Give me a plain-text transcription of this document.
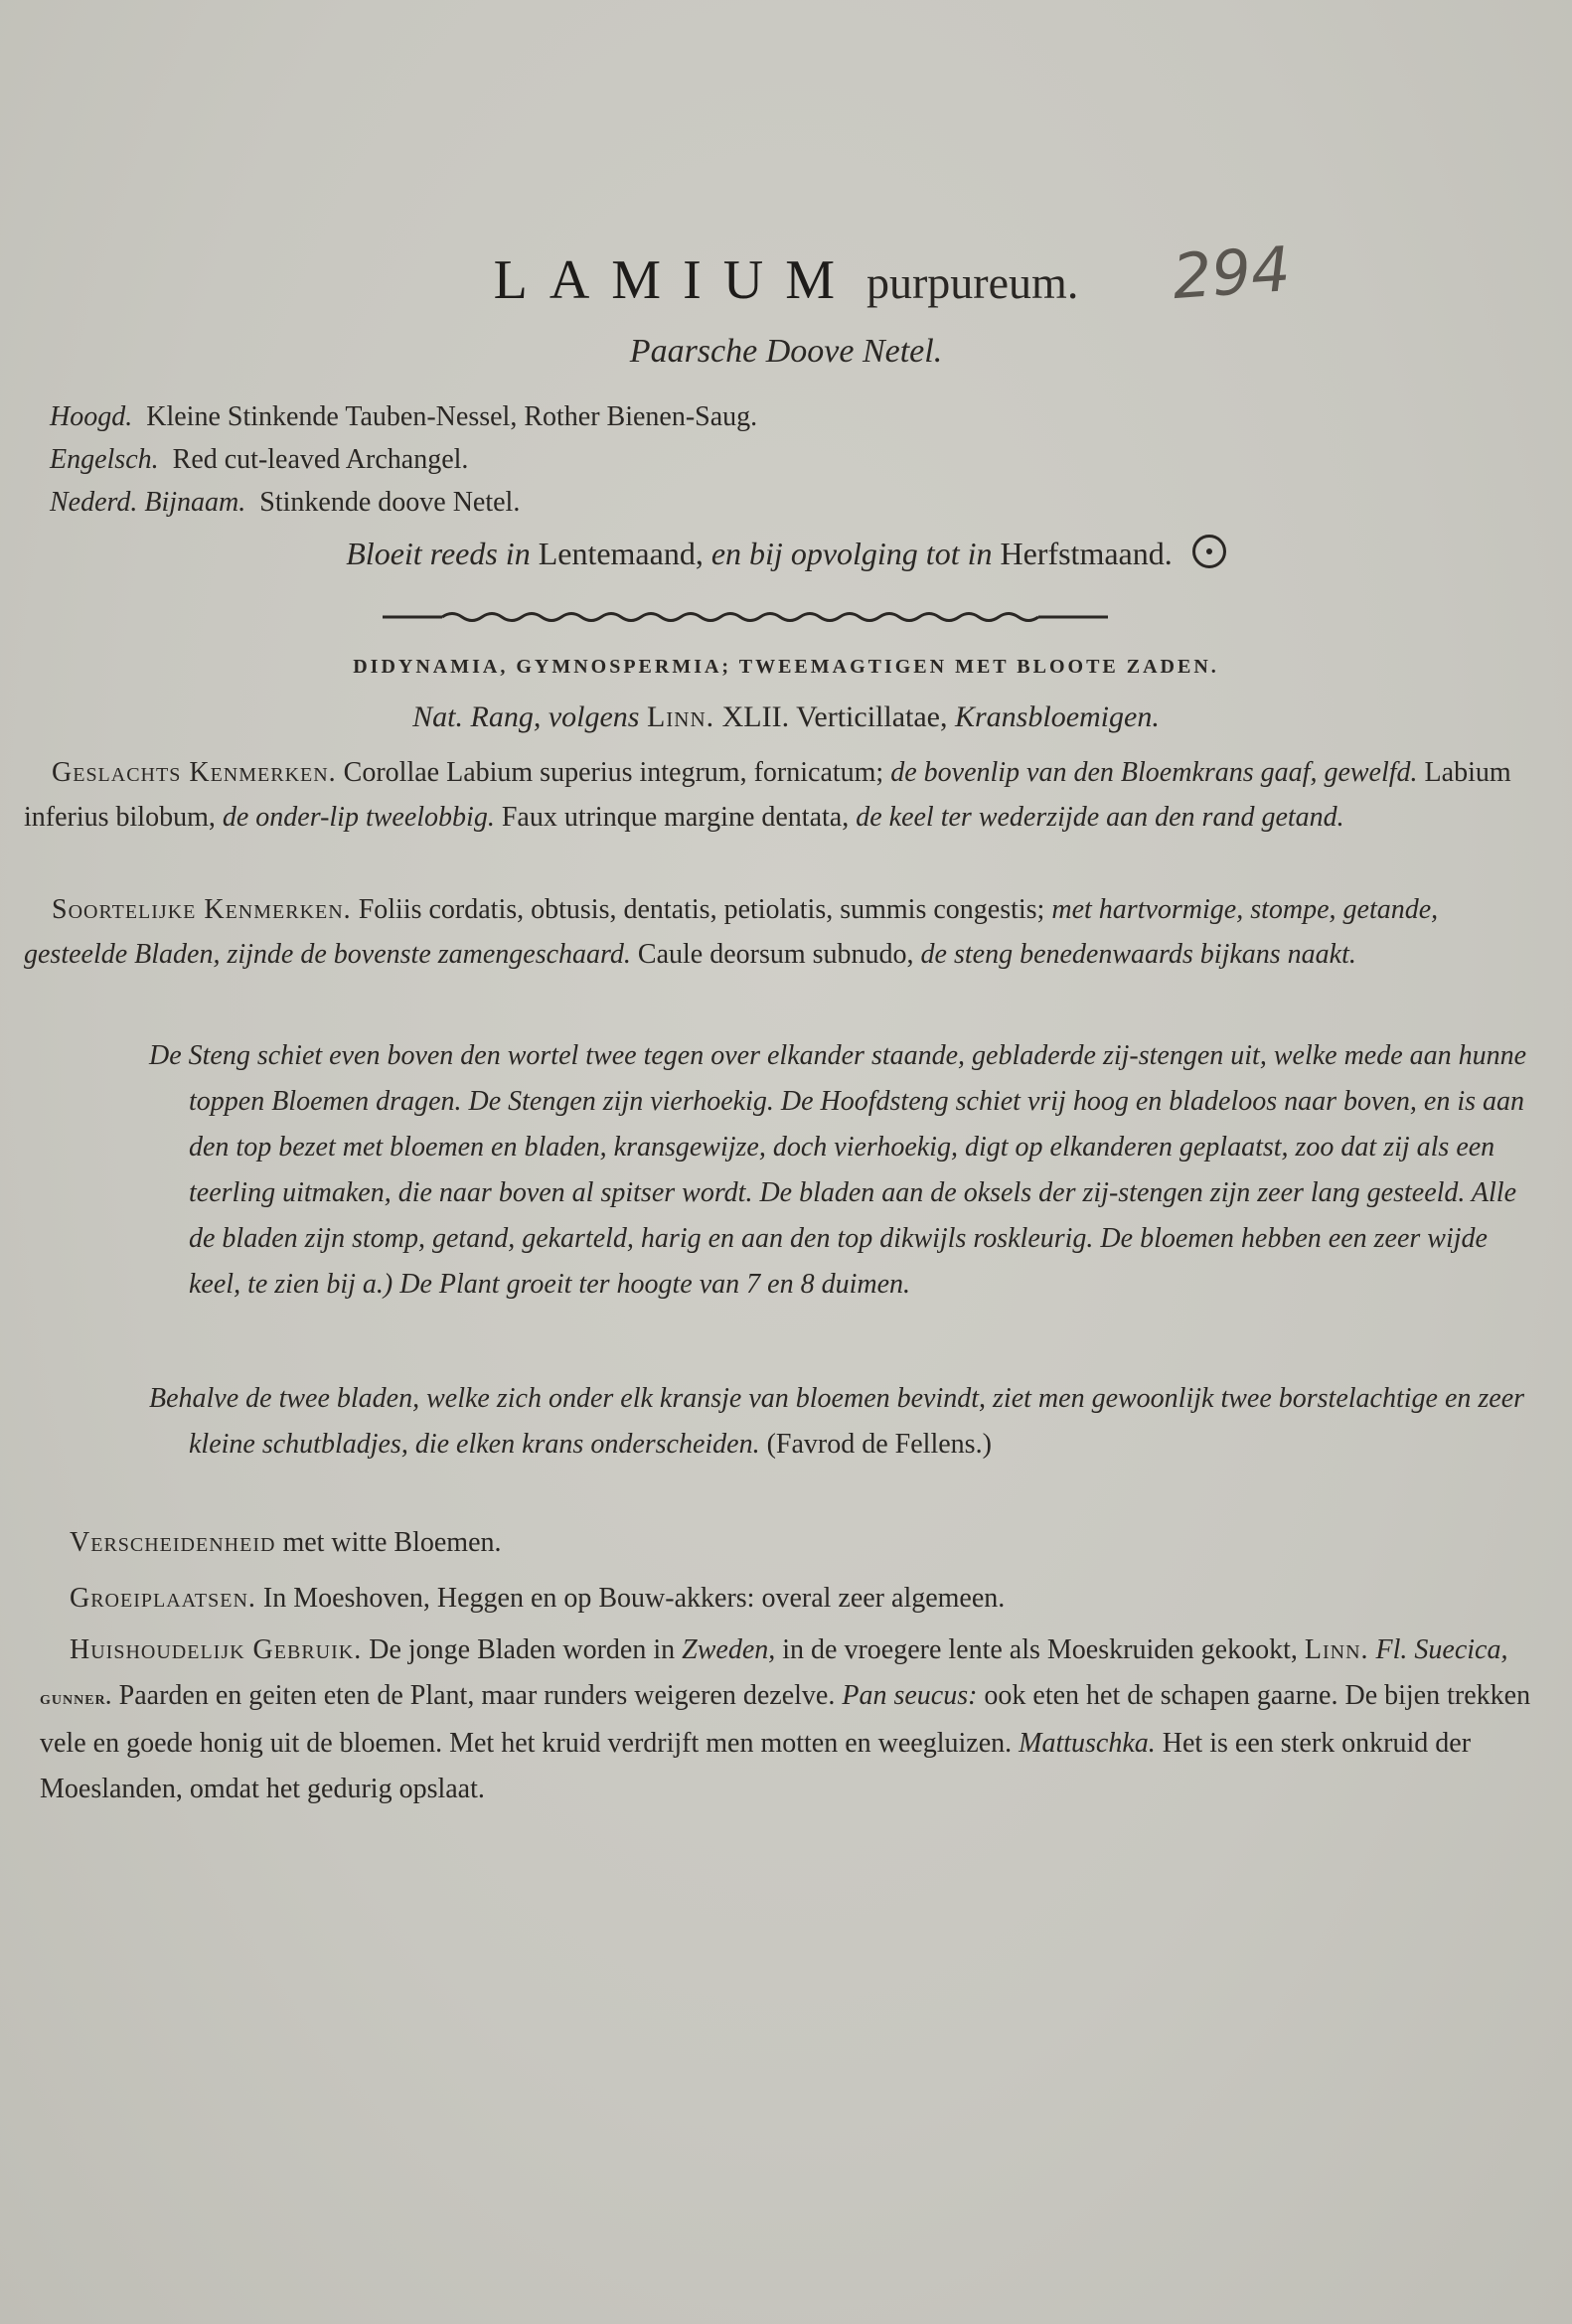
LAMIUM purpureum.	294
Paarsche Doove Netel.
Hoogd. Kleine Stinkende Tauben-Nessel, Rother Bienen-Saug.
Engelsch. Red cut-leaved Archangel.
Nederd. Bijnaam. Stinkende doove Netel.
Bloeit reeds in Lentemaand, en bij opvolging tot in Herfstmaand.
DIDYNAMIA, GYMNOSPERMIA; TWEEMAGTIGEN MET BLOOTE ZADEN.
Nat. Rang, volgens Linn. XLII. Verticillatae, Kransbloemigen.
Geslachts Kenmerken. Corollae Labium superius integrum, fornicatum; de bovenlip van den Bloemkrans gaaf, gewelfd. Labium inferius bilobum, de onder-lip tweelobbig. Faux utrinque margine dentata, de keel ter wederzijde aan den rand getand.
Soortelijke Kenmerken. Foliis cordatis, obtusis, dentatis, petiolatis, summis congestis; met hartvormige, stompe, getande, gesteelde Bladen, zijnde de bovenste zamengeschaard. Caule deorsum subnudo, de steng benedenwaards bijkans naakt.
De Steng schiet even boven den wortel twee tegen over elkander staande, gebladerde zij-stengen uit, welke mede aan hunne toppen Bloemen dragen. De Stengen zijn vierhoekig. De Hoofdsteng schiet vrij hoog en bladeloos naar boven, en is aan den top bezet met bloemen en bladen, kransgewijze, doch vierhoekig, digt op elkanderen geplaatst, zoo dat zij als een teerling uitmaken, die naar boven al spitser wordt. De bladen aan de oksels der zij-stengen zijn zeer lang gesteeld. Alle de bladen zijn stomp, getand, gekarteld, harig en aan den top dikwijls roskleurig. De bloemen hebben een zeer wijde keel, te zien bij a.) De Plant groeit ter hoogte van 7 en 8 duimen.
Behalve de twee bladen, welke zich onder elk kransje van bloemen bevindt, ziet men gewoonlijk twee borstelachtige en zeer kleine schutbladjes, die elken krans onderscheiden. (Favrod de Fellens.)
Verscheidenheid met witte Bloemen.
Groeiplaatsen. In Moeshoven, Heggen en op Bouw-akkers: overal zeer algemeen.
Huishoudelijk Gebruik. De jonge Bladen worden in Zweden, in de vroegere lente als Moeskruiden gekookt, Linn. Fl. Suecica, gunner. Paarden en geiten eten de Plant, maar runders weigeren dezelve. Pan seucus: ook eten het de schapen gaarne. De bijen trekken vele en goede honig uit de bloemen. Met het kruid verdrijft men motten en weegluizen. Mattuschka. Het is een sterk onkruid der Moeslanden, omdat het gedurig opslaat.
